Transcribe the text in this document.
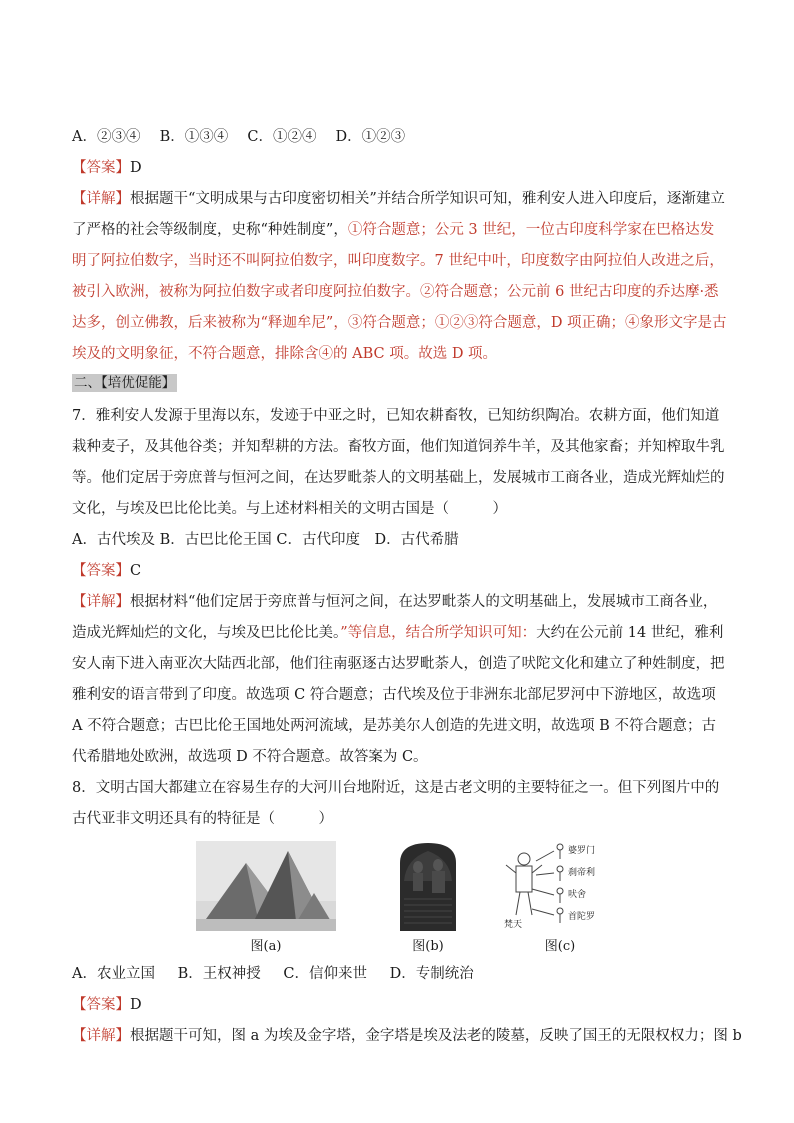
A．②③④　 B．①③④　 C．①②④　 D．①②③
【答案】D

【详解】根据题干“文明成果与古印度密切相关”并结合所学知识可知，雅利安人进入印度后，逐渐建立了严格的社会等级制度，史称“种姓制度”，①符合题意；公元 3 世纪，一位古印度科学家在巴格达发明了阿拉伯数字，当时还不叫阿拉伯数字，叫印度数字。7 世纪中叶，印度数字由阿拉伯人改进之后，被引入欧洲，被称为阿拉伯数字或者印度阿拉伯数字。②符合题意；公元前 6 世纪古印度的乔达摩·悉达多，创立佛教，后来被称为“释迦牟尼”，③符合题意；①②③符合题意，D 项正确；④象形文字是古埃及的文明象征，不符合题意，排除含④的 ABC 项。故选 D 项。

二、【培优促能】

7．雅利安人发源于里海以东，发迹于中亚之时，已知农耕畜牧，已知纺织陶冶。农耕方面，他们知道栽种麦子，及其他谷类；并知犁耕的方法。畜牧方面，他们知道饲养牛羊，及其他家畜；并知榨取牛乳等。他们定居于旁庶普与恒河之间，在达罗毗荼人的文明基础上，发展城市工商各业，造成光辉灿烂的文化，与埃及巴比伦比美。与上述材料相关的文明古国是（　　　）

A．古代埃及 B．古巴比伦王国 C．古代印度　D．古代希腊
【答案】C

【详解】根据材料“他们定居于旁庶普与恒河之间，在达罗毗荼人的文明基础上，发展城市工商各业，造成光辉灿烂的文化，与埃及巴比伦比美。”等信息，结合所学知识可知：大约在公元前 14 世纪，雅利安人南下进入南亚次大陆西北部，他们往南驱逐古达罗毗荼人，创造了吠陀文化和建立了种姓制度，把雅利安的语言带到了印度。故选项 C 符合题意；古代埃及位于非洲东北部尼罗河中下游地区，故选项 A 不符合题意；古巴比伦王国地处两河流域，是苏美尔人创造的先进文明，故选项 B 不符合题意；古代希腊地处欧洲，故选项 D 不符合题意。故答案为 C。

8．文明古国大都建立在容易生存的大河川台地附近，这是古老文明的主要特征之一。但下列图片中的古代亚非文明还具有的特征是（　　　）

图(a)	图(b)
婆罗门
刹帝利
吠舍
首陀罗
梵天
图(c)
A．农业立国 B．王权神授 C．信仰来世 D．专制统治
【答案】D
【详解】根据题干可知，图 a 为埃及金字塔，金字塔是埃及法老的陵墓，反映了国王的无限权权力；图 b
